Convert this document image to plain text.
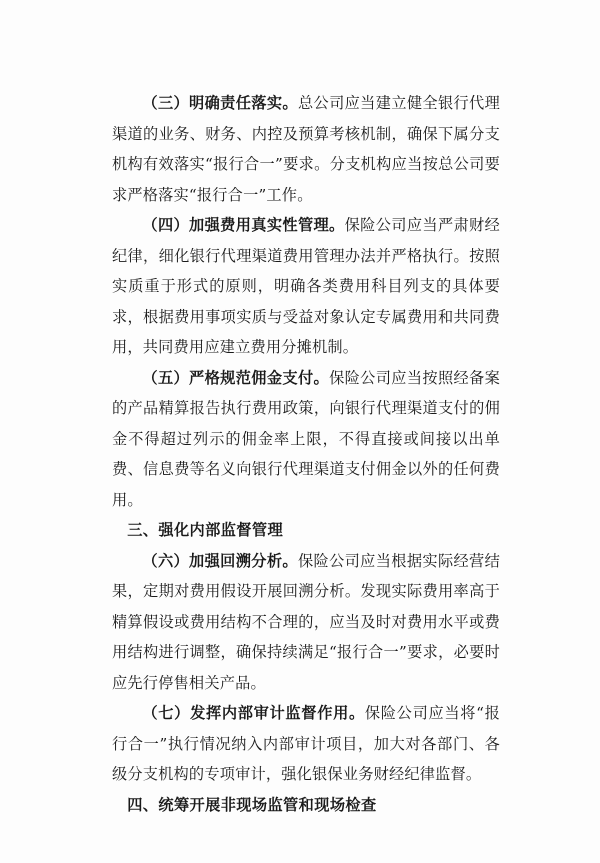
（三）明确责任落实。总公司应当建立健全银行代理渠道的业务、财务、内控及预算考核机制，确保下属分支机构有效落实“报行合一”要求。分支机构应当按总公司要求严格落实“报行合一”工作。

（四）加强费用真实性管理。保险公司应当严肃财经纪律，细化银行代理渠道费用管理办法并严格执行。按照实质重于形式的原则，明确各类费用科目列支的具体要求，根据费用事项实质与受益对象认定专属费用和共同费用，共同费用应建立费用分摊机制。

（五）严格规范佣金支付。保险公司应当按照经备案的产品精算报告执行费用政策，向银行代理渠道支付的佣金不得超过列示的佣金率上限，不得直接或间接以出单费、信息费等名义向银行代理渠道支付佣金以外的任何费用。

三、强化内部监督管理

（六）加强回溯分析。保险公司应当根据实际经营结果，定期对费用假设开展回溯分析。发现实际费用率高于精算假设或费用结构不合理的，应当及时对费用水平或费用结构进行调整，确保持续满足“报行合一”要求，必要时应先行停售相关产品。

（七）发挥内部审计监督作用。保险公司应当将“报行合一”执行情况纳入内部审计项目，加大对各部门、各级分支机构的专项审计，强化银保业务财经纪律监督。

四、统筹开展非现场监管和现场检查
